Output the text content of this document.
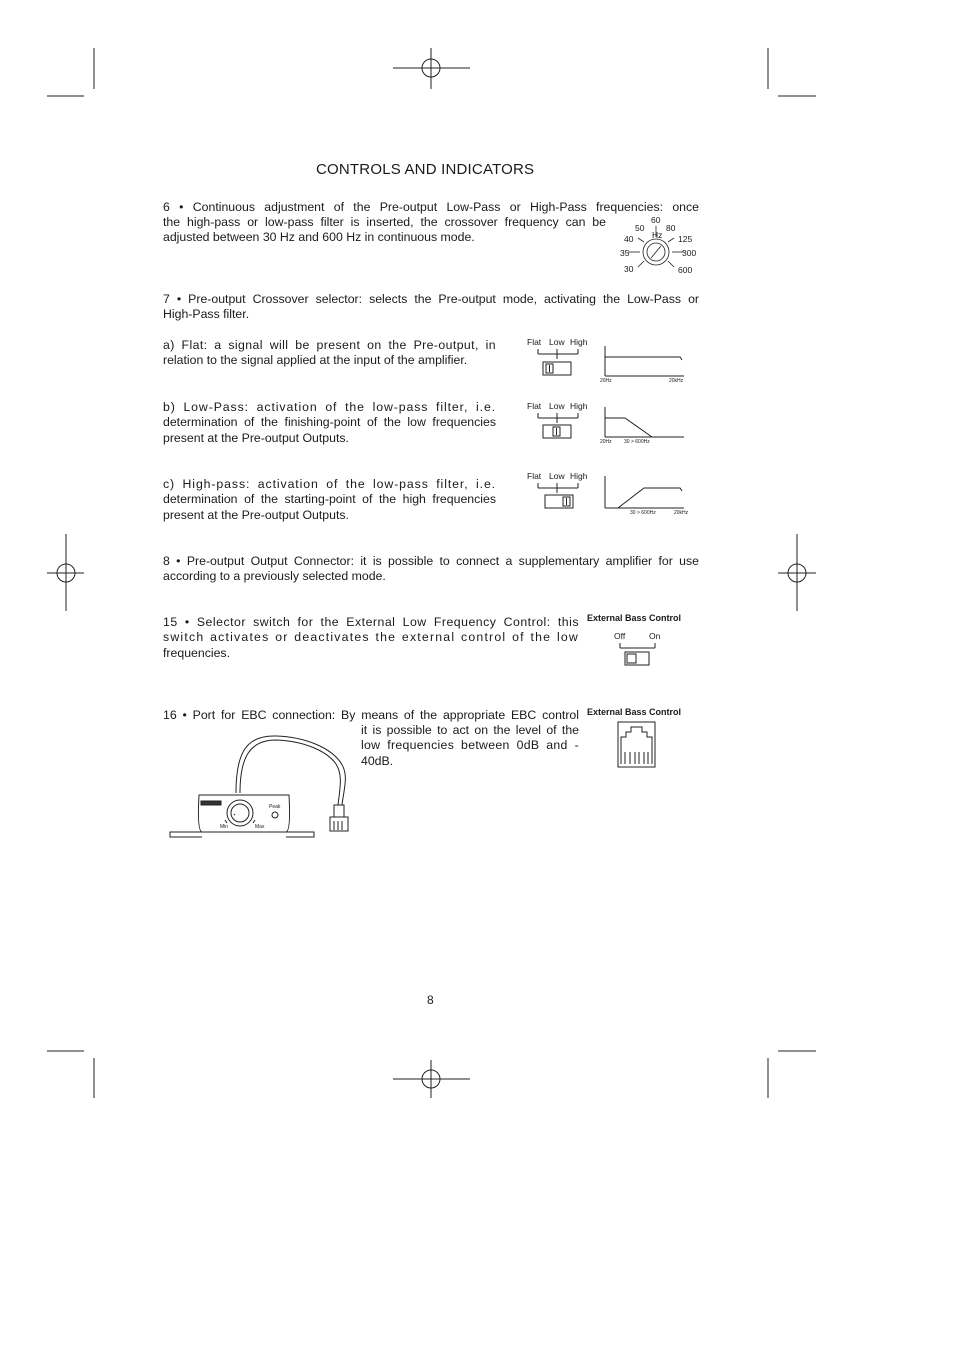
CONTROLS AND INDICATORS
6 • Continuous adjustment of the Pre-output Low-Pass or High-Pass frequencies: once
the high-pass or low-pass filter is inserted, the crossover frequency can be
adjusted between 30 Hz and 600 Hz in continuous mode.	Hz
30
35
40
50
60
80
125
300
600
7 • Pre-output Crossover selector: selects the Pre-output mode, activating the Low-Pass or
High-Pass filter.
a) Flat: a signal will be present on the Pre-output, in
relation to the signal applied at the input of the amplifier.
b) Low-Pass: activation of the low-pass filter, i.e.
determination of the finishing-point of the low frequencies
present at the Pre-output Outputs.
c) High-pass: activation of the low-pass filter, i.e.
determination of the starting-point of the high frequencies
present at the Pre-output Outputs.
Flat Low High
20Hz	20kHz
Flat Low High
20Hz 30 > 600Hz
Flat Low High
30 > 600Hz	20kHz
8 • Pre-output Output Connector: it is possible to connect a supplementary amplifier for use
according to a previously selected mode.
15 • Selector switch for the External Low Frequency Control: this
switch activates or deactivates the external control of the low
frequencies.
External Bass Control
Off	On
16 • Port for EBC connection: By means of the appropriate EBC control
it is possible to act on the level of the
low frequencies between 0dB and -
40dB.
External Bass Control
Peak
Min	Max
8
